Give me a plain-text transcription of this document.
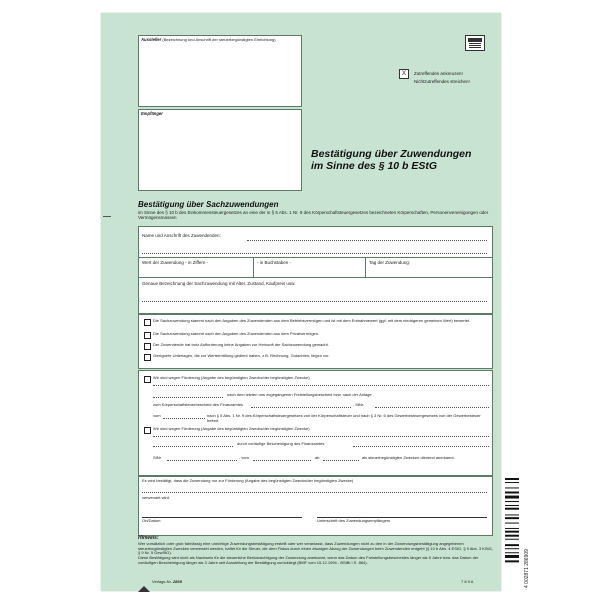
Aussteller (Bezeichnung und Anschrift der steuerbegünstigten Einrichtung)
X	Zutreffendes ankreuzen!
Nichtzutreffendes streichen!
Empfänger
Bestätigung über Zuwendungen
im Sinne des § 10 b EStG
Bestätigung über Sachzuwendungen
im Sinne des § 10 b des Einkommensteuergesetzes an eine der in § 5 Abs. 1 Nr. 9 des Körperschaftsteuergesetzes bezeichneten Körperschaften, Personenvereinigungen oder Vermögensmassen
Name und Anschrift des Zuwendenden:
Wert der Zuwendung - in Ziffern -	- in Buchstaben -	Tag der Zuwendung:
Genaue Bezeichnung der Sachzuwendung mit Alter, Zustand, Kaufpreis usw.
Die Sachzuwendung stammt nach den Angaben des Zuwendenden aus dem Betriebsvermögen und ist mit dem Entnahmewert (ggf. mit dem niedrigeren gemeinen Wert) bewertet.
Die Sachzuwendung stammt nach den Angaben des Zuwendenden aus dem Privatvermögen.
Der Zuwendende hat trotz Aufforderung keine Angaben zur Herkunft der Sachzuwendung gemacht.
Geeignete Unterlagen, die zur Wertermittlung gedient haben, z.B. Rechnung, Gutachten, liegen vor.
Wir sind wegen Förderung (Angabe des begünstigten Zwecks/der begünstigten Zwecke)
nach dem letzten uns zugegangenen Freistellungsbescheid bzw. nach der Anlage
zum Körperschaftsteuerbescheid des Finanzamtes	, StNr.
vom	nach § 5 Abs. 1 Nr. 9 des Körperschaftsteuergesetzes von der Körperschaftsteuer und nach § 3 Nr. 6 des Gewerbesteuergesetzes von der Gewerbesteuer befreit.
Wir sind wegen Förderung (Angabe des begünstigten Zwecks/der begünstigten Zwecke)
durch vorläufige Bescheinigung des Finanzamtes
StNr.	, vom	ab	als steuerbegünstigten Zwecken dienend anerkannt.
Es wird bestätigt, dass die Zuwendung nur zur Förderung (Angabe des begünstigten Zwecks/der begünstigten Zwecke)
verwendet wird.
Ort/Datum	Unterschrift des Zuwendungsempfängers
Hinweis:
Wer vorsätzlich oder grob fahrlässig eine unrichtige Zuwendungsbestätigung erstellt oder wer veranlasst, dass Zuwendungen nicht zu den in der Zuwendungsbestätigung angegebenen steuerbegünstigten Zwecken verwendet werden, haftet für die Steuer, die dem Fiskus durch einen etwaigen Abzug der Zuwendungen beim Zuwendenden entgeht (§ 10 b Abs. 4 EStG, § 9 Abs. 3 KStG, § 9 Nr. 5 GewStG).
Diese Bestätigung wird nicht als Nachweis für die steuerliche Berücksichtigung der Zuwendung anerkannt, wenn das Datum des Freistellungsbescheides länger als 5 Jahre bzw. das Datum der vorläufigen Bescheinigung länger als 3 Jahre seit Ausstellung der Bestätigung zurückliegt (BMF vom 15.12.1994 - BStBl I S. 884).
Verlags-Nr. 2869	7 8 9 A	4 002871 286909
